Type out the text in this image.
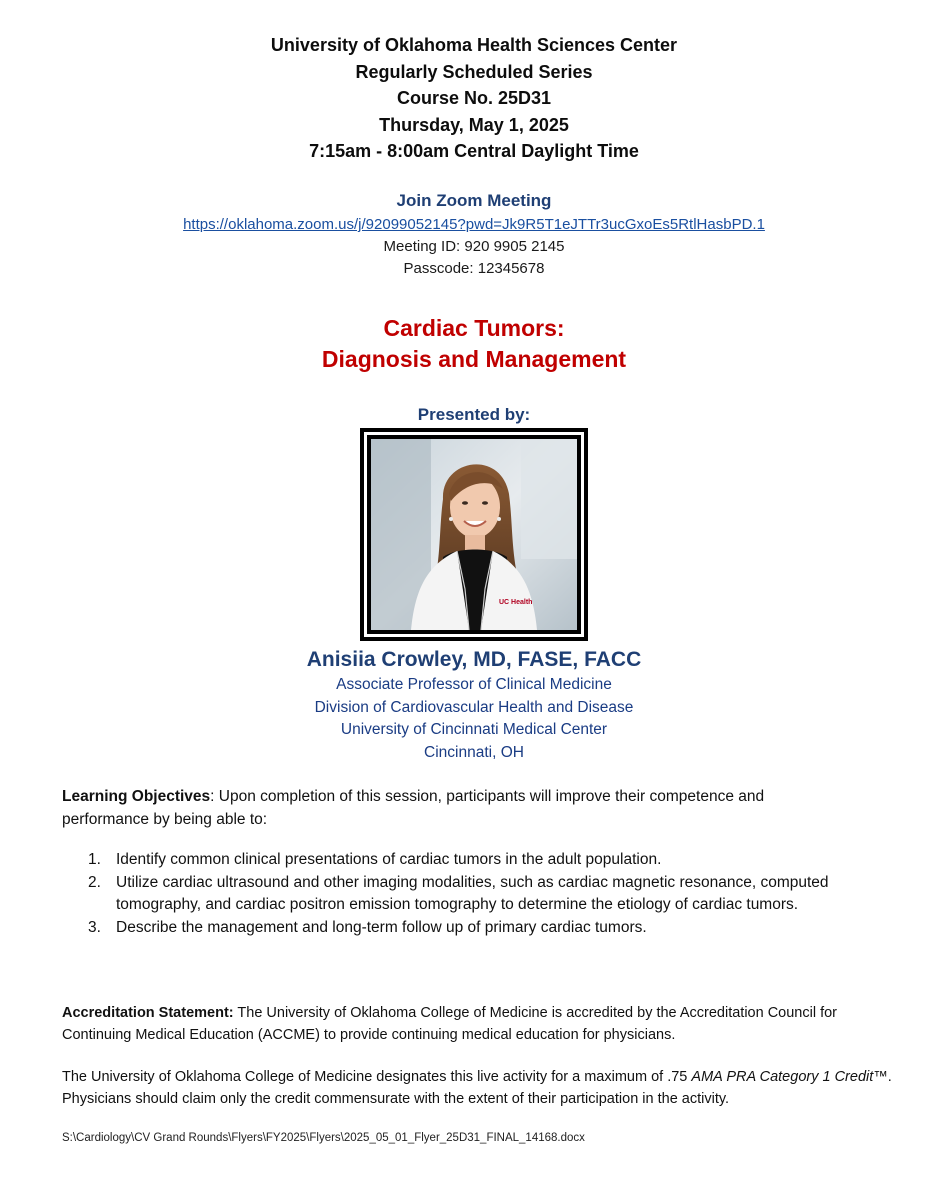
University of Oklahoma Health Sciences Center
Regularly Scheduled Series
Course No. 25D31
Thursday, May 1, 2025
7:15am - 8:00am Central Daylight Time
Join Zoom Meeting
https://oklahoma.zoom.us/j/92099052145?pwd=Jk9R5T1eJTTr3ucGxoEs5RtlHasbPD.1
Meeting ID: 920 9905 2145
Passcode: 12345678
Cardiac Tumors:
Diagnosis and Management
Presented by:
UC Health
Anisiia Crowley, MD, FASE, FACC
Associate Professor of Clinical Medicine
Division of Cardiovascular Health and Disease
University of Cincinnati Medical Center
Cincinnati, OH
Learning Objectives: Upon completion of this session, participants will improve their competence and performance by being able to:
1. Identify common clinical presentations of cardiac tumors in the adult population.
2. Utilize cardiac ultrasound and other imaging modalities, such as cardiac magnetic resonance, computed tomography, and cardiac positron emission tomography to determine the etiology of cardiac tumors.
3. Describe the management and long-term follow up of primary cardiac tumors.
Accreditation Statement: The University of Oklahoma College of Medicine is accredited by the Accreditation Council for Continuing Medical Education (ACCME) to provide continuing medical education for physicians.
The University of Oklahoma College of Medicine designates this live activity for a maximum of .75 AMA PRA Category 1 Credit™. Physicians should claim only the credit commensurate with the extent of their participation in the activity.
S:\Cardiology\CV Grand Rounds\Flyers\FY2025\Flyers\2025_05_01_Flyer_25D31_FINAL_14168.docx
